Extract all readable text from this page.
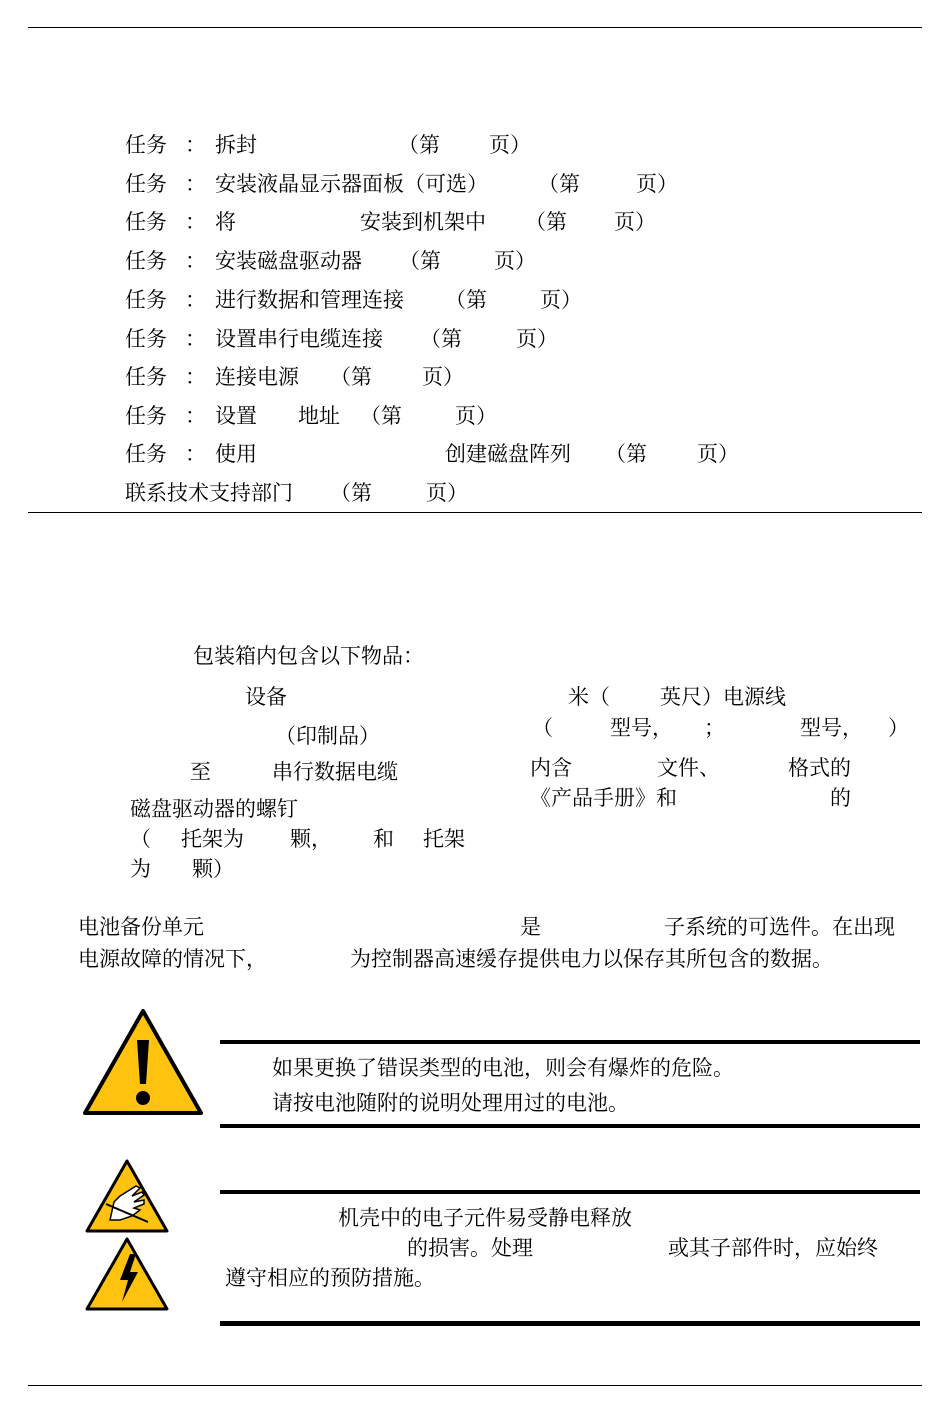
任务 ： 拆封	（第 页）
任务 ： 安装液晶显示器面板（可选） （第	页）
任务 ： 将	安装到机架中 （第 页）
任务 ： 安装磁盘驱动器 （第	页）
任务 ： 进行数据和管理连接 （第	页）
任务 ： 设置串行电缆连接 （第	页）
任务 ： 连接电源 （第 页）
任务 ： 设置 地址 （第	页）
任务 ： 使用	创建磁盘阵列 （第 页）
联系技术支持部门 （第	页）
包装箱内包含以下物品：
设备
（印制品）
至	串行数据电缆
磁盘驱动器的螺钉
（ 托架为 颗， 和 托架
为 颗）
米（ 英尺）电源线
（	型号， ；	型号， ）
内含	文件、	格式的
《产品手册》和	的
电池备份单元	是	子系统的可选件。在出现
电源故障的情况下，	为控制器高速缓存提供电力以保存其所包含的数据。
如果更换了错误类型的电池，则会有爆炸的危险。
请按电池随附的说明处理用过的电池。
机壳中的电子元件易受静电释放
的损害。处理	或其子部件时，应始终
遵守相应的预防措施。
